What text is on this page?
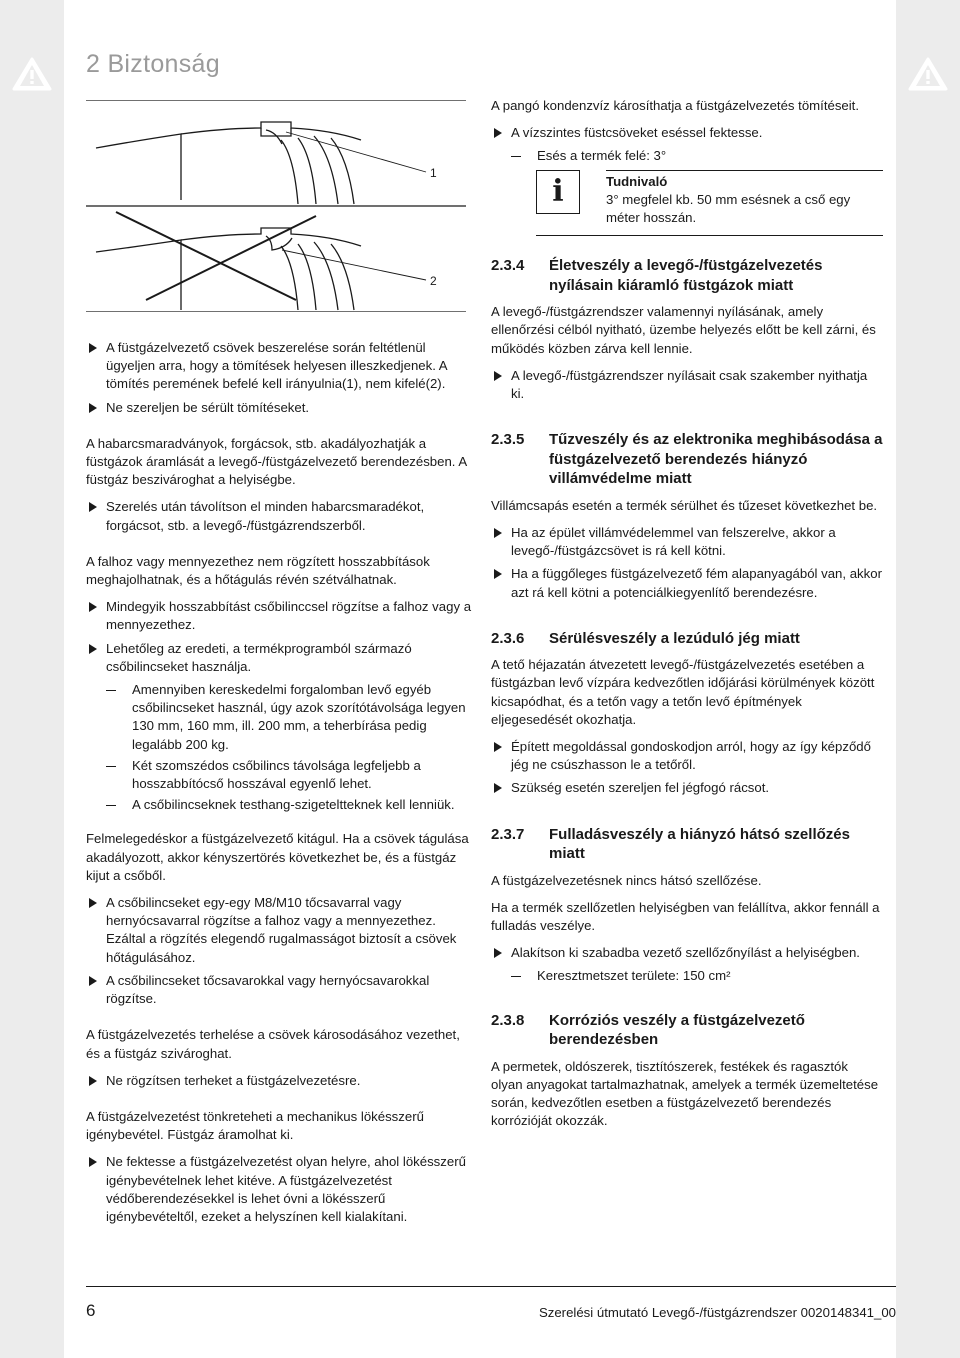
2 Biztonság
1
2
A füstgázelvezető csövek beszerelése során feltétlenül ügyeljen arra, hogy a tömítések helyesen illeszkedjenek. A tömítés peremének befelé kell irányulnia(1), nem kifelé(2).
Ne szereljen be sérült tömítéseket.

A habarcsmaradványok, forgácsok, stb. akadályozhatják a füstgázok áramlását a levegő-/füstgázelvezető berendezésben. A füstgáz beszivároghat a helyiségbe.

Szerelés után távolítson el minden habarcsmaradékot, forgácsot, stb. a levegő-/füstgázrendszerből.

A falhoz vagy mennyezethez nem rögzített hosszabbítások meghajolhatnak, és a hőtágulás révén szétválhatnak.

Mindegyik hosszabbítást csőbilinccsel rögzítse a falhoz vagy a mennyezethez.
Lehetőleg az eredeti, a termékprogramból származó csőbilincseket használja.
Amennyiben kereskedelmi forgalomban levő egyéb csőbilincseket használ, úgy azok szorítótávolsága legyen 130 mm, 160 mm, ill. 200 mm, a teherbírása pedig legalább 200 kg.
Két szomszédos csőbilincs távolsága legfeljebb a hosszabbítócső hosszával egyenlő lehet.
A csőbilincseknek testhang-szigeteltteknek kell lenniük.

Felmelegedéskor a füstgázelvezető kitágul. Ha a csövek tágulása akadályozott, akkor kényszertörés következhet be, és a füstgáz kijut a csőből.

A csőbilincseket egy-egy M8/M10 tőcsavarral vagy hernyócsavarral rögzítse a falhoz vagy a mennyezethez. Ezáltal a rögzítés elegendő rugalmasságot biztosít a csövek hőtágulásához.
A csőbilincseket tőcsavarokkal vagy hernyócsavarokkal rögzítse.

A füstgázelvezetés terhelése a csövek károsodásához vezethet, és a füstgáz szivároghat.

Ne rögzítsen terheket a füstgázelvezetésre.

A füstgázelvezetést tönkreteheti a mechanikus lökésszerű igénybevétel. Füstgáz áramolhat ki.

Ne fektesse a füstgázelvezetést olyan helyre, ahol lökésszerű igénybevételnek lehet kitéve. A füstgázelvezetést védőberendezésekkel is lehet óvni a lökésszerű igénybevételtől, ezeket a helyszínen kell kialakítani.

A pangó kondenzvíz károsíthatja a füstgázelvezetés tömítéseit.

A vízszintes füstcsöveket eséssel fektesse.
Esés a termék felé: 3°
i	Tudnivaló
3° megfelel kb. 50 mm esésnek a cső egy méter hosszán.
2.3.4	Életveszély a levegő-/füstgázelvezetés nyílásain kiáramló füstgázok miatt

A levegő-/füstgázrendszer valamennyi nyílásának, amely ellenőrzési célból nyitható, üzembe helyezés előtt be kell zárni, és működés közben zárva kell lennie.

A levegő-/füstgázrendszer nyílásait csak szakember nyithatja ki.
2.3.5	Tűzveszély és az elektronika meghibásodása a füstgázelvezető berendezés hiányzó villámvédelme miatt

Villámcsapás esetén a termék sérülhet és tűzeset következhet be.

Ha az épület villámvédelemmel van felszerelve, akkor a levegő-/füstgázcsövet is rá kell kötni.
Ha a függőleges füstgázelvezető fém alapanyagából van, akkor azt rá kell kötni a potenciálkiegyenlítő berendezésre.
2.3.6	Sérülésveszély a lezúduló jég miatt

A tető héjazatán átvezetett levegő-/füstgázelvezetés esetében a füstgázban levő vízpára kedvezőtlen időjárási körülmények között kicsapódhat, és a tetőn vagy a tetőn levő építmények eljegesedését okozhatja.

Épített megoldással gondoskodjon arról, hogy az így képződő jég ne csúszhasson le a tetőről.
Szükség esetén szereljen fel jégfogó rácsot.
2.3.7	Fulladásveszély a hiányzó hátsó szellőzés miatt

A füstgázelvezetésnek nincs hátsó szellőzése.

Ha a termék szellőzetlen helyiségben van felállítva, akkor fennáll a fulladás veszélye.

Alakítson ki szabadba vezető szellőzőnyílást a helyiségben.
Keresztmetszet területe: 150 cm²
2.3.8	Korróziós veszély a füstgázelvezető berendezésben

A permetek, oldószerek, tisztítószerek, festékek és ragasztók olyan anyagokat tartalmazhatnak, amelyek a termék üzemeltetése során, kedvezőtlen esetben a füstgázelvezető berendezés korrózióját okozzák.

6	Szerelési útmutató Levegő-/füstgázrendszer 0020148341_00
